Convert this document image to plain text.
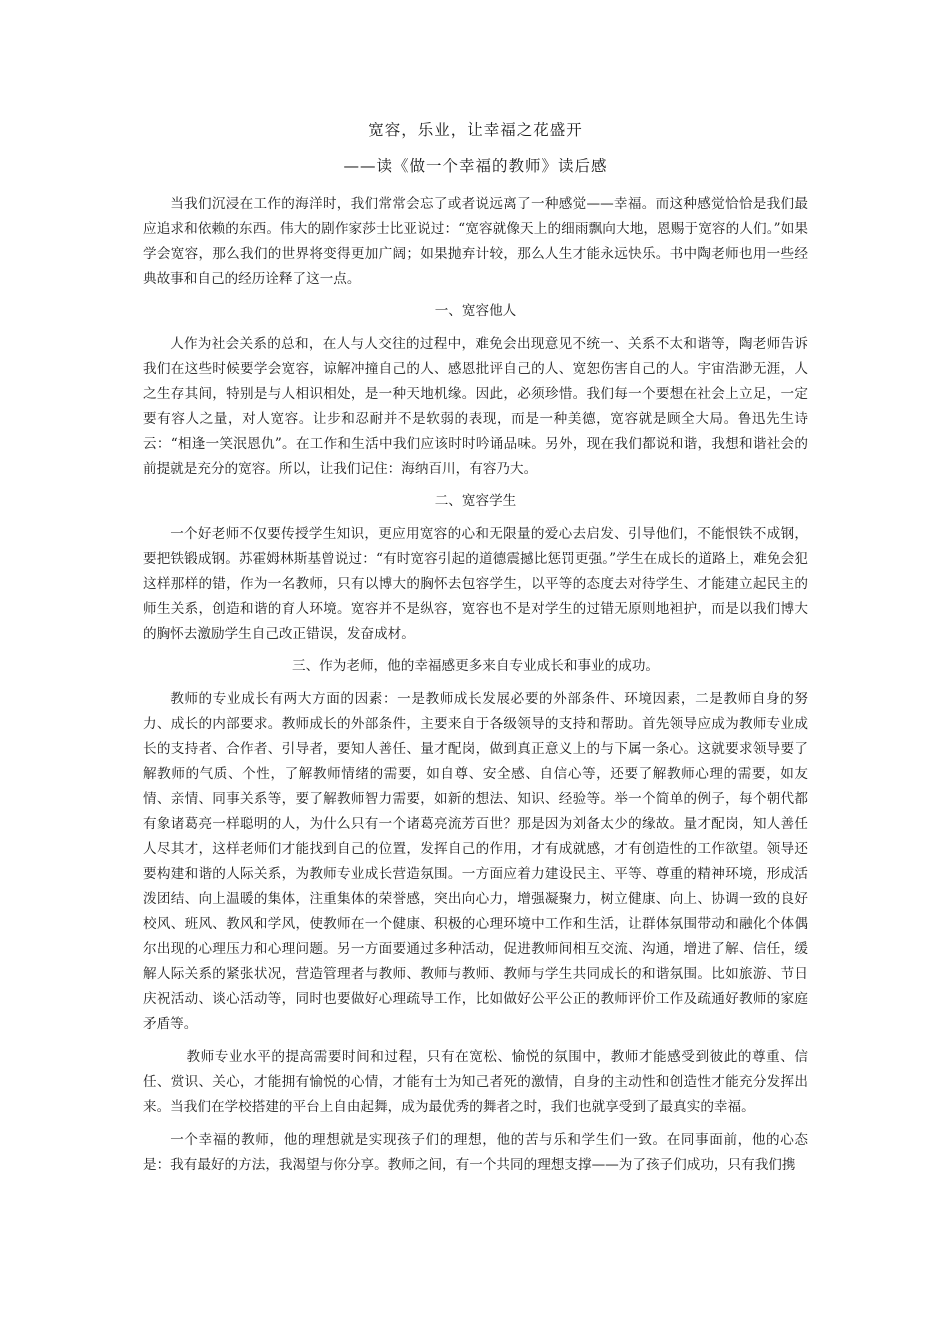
宽容，乐业，让幸福之花盛开
——读《做一个幸福的教师》读后感

当我们沉浸在工作的海洋时，我们常常会忘了或者说远离了一种感觉——幸福。而这种感觉恰恰是我们最应追求和依赖的东西。伟大的剧作家莎士比亚说过：“宽容就像天上的细雨飘向大地，恩赐于宽容的人们。”如果学会宽容，那么我们的世界将变得更加广阔；如果抛弃计较，那么人生才能永远快乐。书中陶老师也用一些经典故事和自己的经历诠释了这一点。

一、宽容他人

人作为社会关系的总和，在人与人交往的过程中，难免会出现意见不统一、关系不太和谐等，陶老师告诉我们在这些时候要学会宽容，谅解冲撞自己的人、感恩批评自己的人、宽恕伤害自己的人。宇宙浩渺无涯，人之生存其间，特别是与人相识相处，是一种天地机缘。因此，必须珍惜。我们每一个要想在社会上立足，一定要有容人之量，对人宽容。让步和忍耐并不是软弱的表现，而是一种美德，宽容就是顾全大局。鲁迅先生诗云：“相逢一笑泯恩仇”。在工作和生活中我们应该时时吟诵品味。另外，现在我们都说和谐，我想和谐社会的前提就是充分的宽容。所以，让我们记住：海纳百川，有容乃大。

二、宽容学生

一个好老师不仅要传授学生知识，更应用宽容的心和无限量的爱心去启发、引导他们，不能恨铁不成钢，要把铁锻成钢。苏霍姆林斯基曾说过：“有时宽容引起的道德震撼比惩罚更强。”学生在成长的道路上，难免会犯这样那样的错，作为一名教师，只有以博大的胸怀去包容学生，以平等的态度去对待学生、才能建立起民主的师生关系，创造和谐的育人环境。宽容并不是纵容，宽容也不是对学生的过错无原则地袒护，而是以我们博大的胸怀去激励学生自己改正错误，发奋成材。

三、作为老师，他的幸福感更多来自专业成长和事业的成功。

教师的专业成长有两大方面的因素：一是教师成长发展必要的外部条件、环境因素，二是教师自身的努力、成长的内部要求。教师成长的外部条件，主要来自于各级领导的支持和帮助。首先领导应成为教师专业成长的支持者、合作者、引导者，要知人善任、量才配岗，做到真正意义上的与下属一条心。这就要求领导要了解教师的气质、个性，了解教师情绪的需要，如自尊、安全感、自信心等，还要了解教师心理的需要，如友情、亲情、同事关系等，要了解教师智力需要，如新的想法、知识、经验等。举一个简单的例子，每个朝代都有象诸葛亮一样聪明的人，为什么只有一个诸葛亮流芳百世？那是因为刘备太少的缘故。量才配岗，知人善任人尽其才，这样老师们才能找到自己的位置，发挥自己的作用，才有成就感，才有创造性的工作欲望。领导还要构建和谐的人际关系，为教师专业成长营造氛围。一方面应着力建设民主、平等、尊重的精神环境，形成活泼团结、向上温暖的集体，注重集体的荣誉感，突出向心力，增强凝聚力，树立健康、向上、协调一致的良好校风、班风、教风和学风，使教师在一个健康、积极的心理环境中工作和生活，让群体氛围带动和融化个体偶尔出现的心理压力和心理问题。另一方面要通过多种活动，促进教师间相互交流、沟通，增进了解、信任，缓解人际关系的紧张状况，营造管理者与教师、教师与教师、教师与学生共同成长的和谐氛围。比如旅游、节日庆祝活动、谈心活动等，同时也要做好心理疏导工作，比如做好公平公正的教师评价工作及疏通好教师的家庭矛盾等。

教师专业水平的提高需要时间和过程，只有在宽松、愉悦的氛围中，教师才能感受到彼此的尊重、信任、赏识、关心，才能拥有愉悦的心情，才能有士为知己者死的激情，自身的主动性和创造性才能充分发挥出来。当我们在学校搭建的平台上自由起舞，成为最优秀的舞者之时，我们也就享受到了最真实的幸福。

一个幸福的教师，他的理想就是实现孩子们的理想，他的苦与乐和学生们一致。在同事面前，他的心态是：我有最好的方法，我渴望与你分享。教师之间，有一个共同的理想支撑——为了孩子们成功，只有我们携
